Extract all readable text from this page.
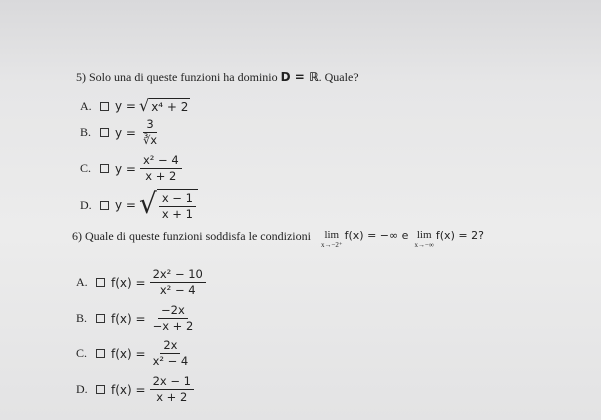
5) Solo una di queste funzioni ha dominio D = ℝ. Quale?
A.	y = √ x⁴ + 2
B.	$y = \frac{3}{∛x}$
C.	$y = \frac{\text{x² − 4}}{x + 2}$
D.	y = √ $\frac{x - 1}{x + 1}$
6) Quale di queste funzioni soddisfa le condizioni lim
x→−2⁺
f(x) = −∞ e lim
x→−∞
f(x) = 2?
A.	$f(x) = \frac{\text{2x² − 10}}{\text{x² − 4}}$
B.	$f(x) = \frac{-2x}{-x + 2}$
C.	$f(x) = \frac{2x}{\text{x² − 4}}$
D.	$f(x) = \frac{2x - 1}{x + 2}$
